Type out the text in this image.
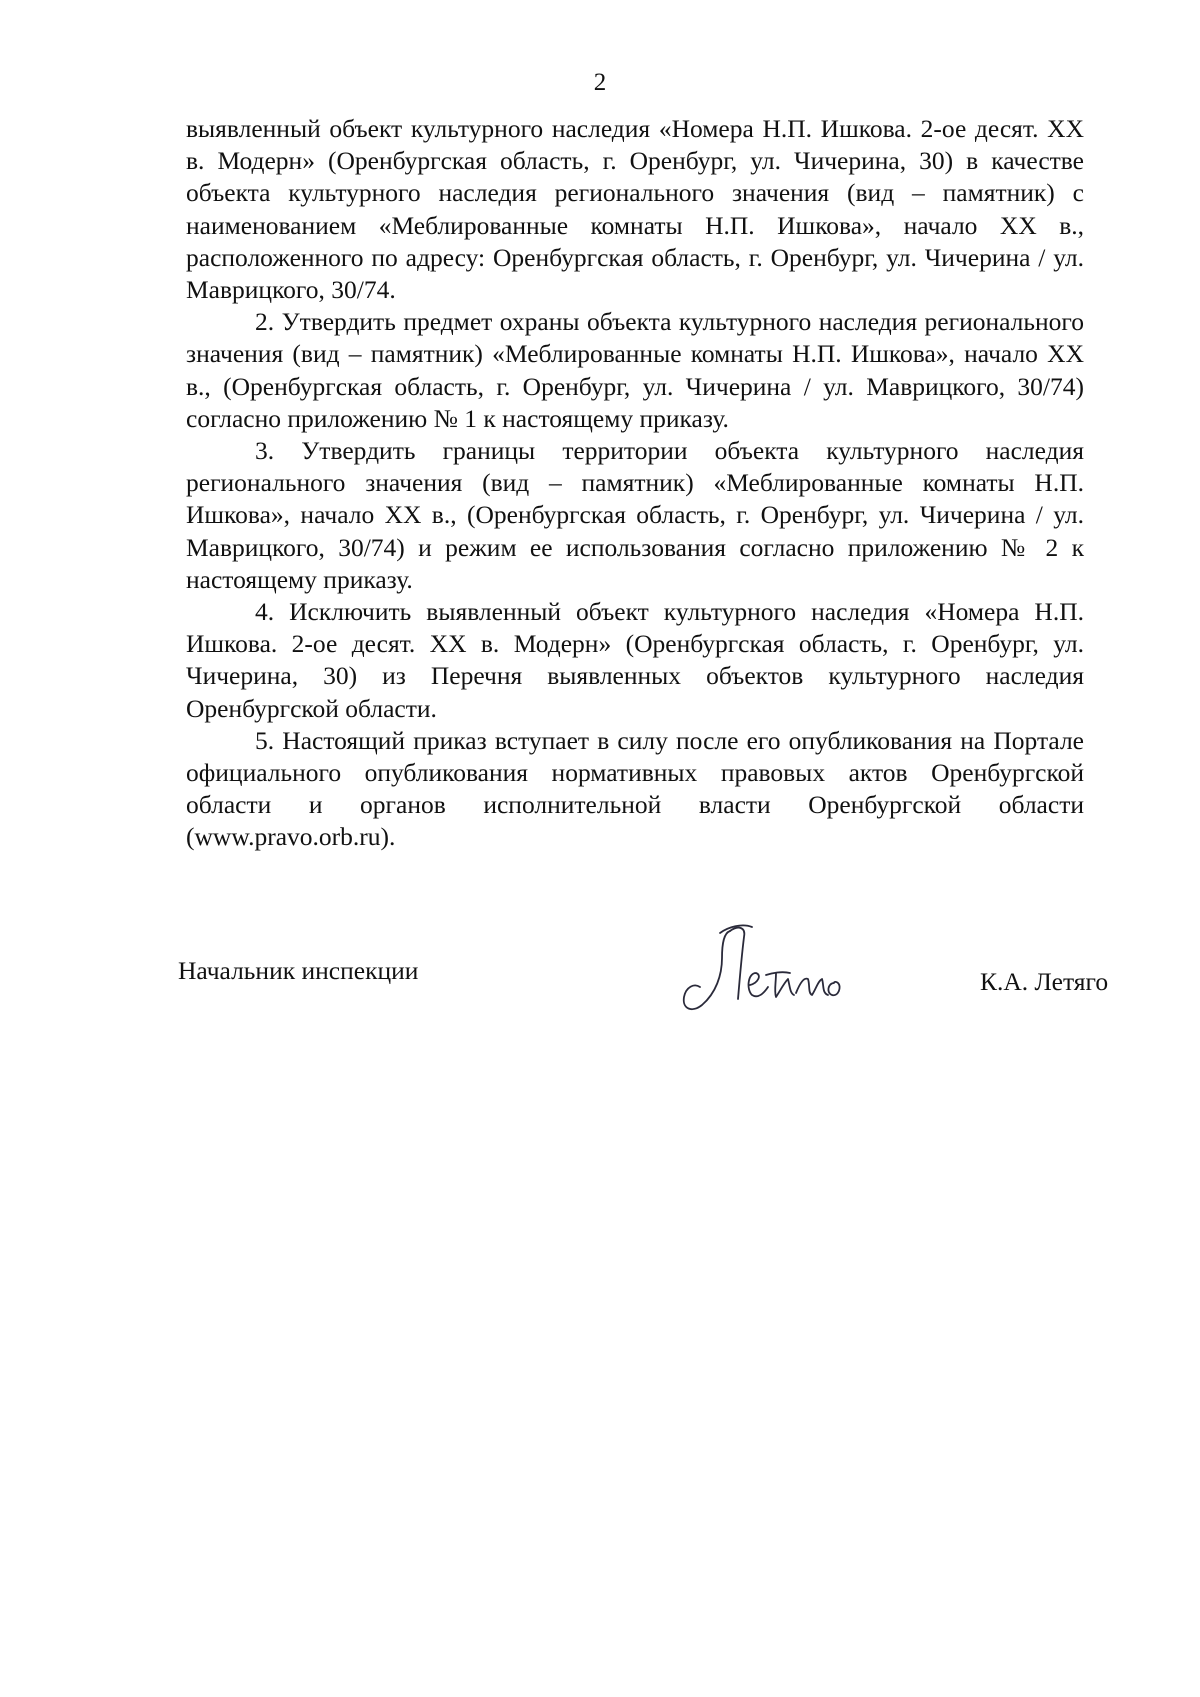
2

выявленный объект культурного наследия «Номера Н.П. Ишкова. 2-ое десят. XX в. Модерн» (Оренбургская область, г. Оренбург, ул. Чичерина, 30) в качестве объекта культурного наследия регионального значения (вид – памятник) с наименованием «Меблированные комнаты Н.П. Ишкова», начало XX в., расположенного по адресу: Оренбургская область, г. Оренбург, ул. Чичерина / ул. Маврицкого, 30/74.

2. Утвердить предмет охраны объекта культурного наследия регионального значения (вид – памятник) «Меблированные комнаты Н.П. Ишкова», начало XX в., (Оренбургская область, г. Оренбург, ул. Чичерина / ул. Маврицкого, 30/74) согласно приложению № 1 к настоящему приказу.

3. Утвердить границы территории объекта культурного наследия регионального значения (вид – памятник) «Меблированные комнаты Н.П. Ишкова», начало XX в., (Оренбургская область, г. Оренбург, ул. Чичерина / ул. Маврицкого, 30/74) и режим ее использования согласно приложению № 2 к настоящему приказу.

4. Исключить выявленный объект культурного наследия «Номера Н.П. Ишкова. 2-ое десят. XX в. Модерн» (Оренбургская область, г. Оренбург, ул. Чичерина, 30) из Перечня выявленных объектов культурного наследия Оренбургской области.

5. Настоящий приказ вступает в силу после его опубликования на Портале официального опубликования нормативных правовых актов Оренбургской области и органов исполнительной власти Оренбургской области (www.pravo.orb.ru).

Начальник инспекции	К.А. Летяго
